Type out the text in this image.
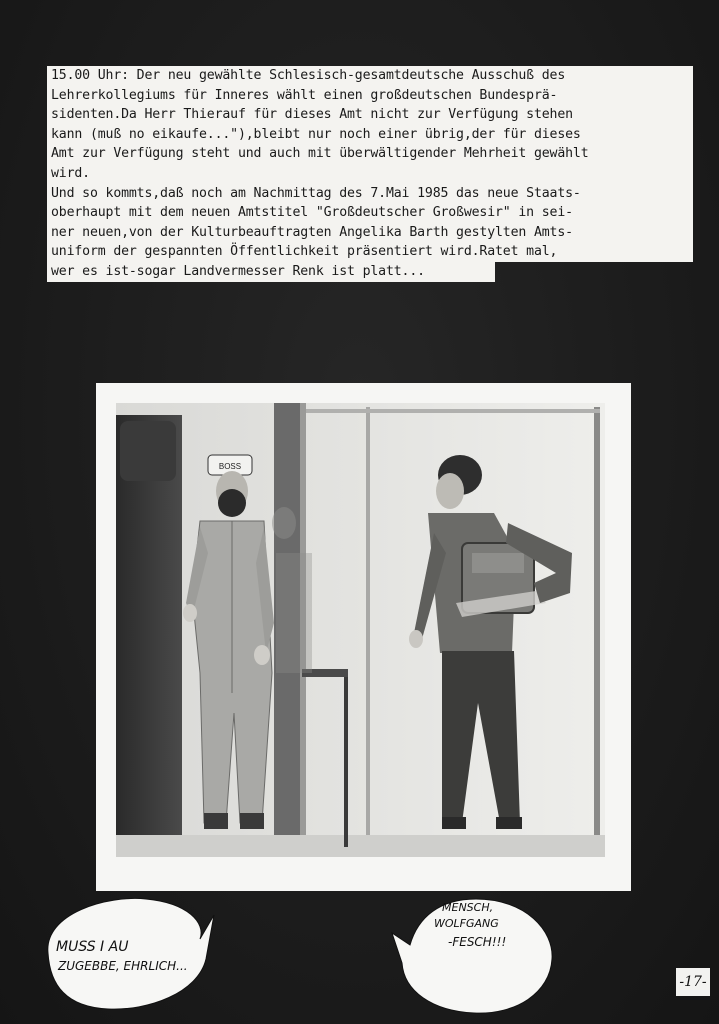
15.00 Uhr: Der neu gewählte Schlesisch-gesamtdeutsche Ausschuß des
Lehrerkollegiums für Inneres wählt einen großdeutschen Bundesprä-
sidenten.Da Herr Thierauf für dieses Amt nicht zur Verfügung stehen
kann (muß no eikaufe..."),bleibt nur noch einer übrig,der für dieses
Amt zur Verfügung steht und auch mit überwältigender Mehrheit gewählt
wird.
Und so kommts,daß noch am Nachmittag des 7.Mai 1985 das neue Staats-
oberhaupt mit dem neuen Amtstitel "Großdeutscher Großwesir" in sei-
ner neuen,von der Kulturbeauftragten Angelika Barth gestylten Amts-
uniform der gespannten Öffentlichkeit präsentiert wird.Ratet mal,
wer es ist-sogar Landvermesser Renk ist platt...
BOSS
MUSS I AU
ZUGEBBE, EHRLICH...
MENSCH,
WOLFGANG
-FESCH!!!
-17-
